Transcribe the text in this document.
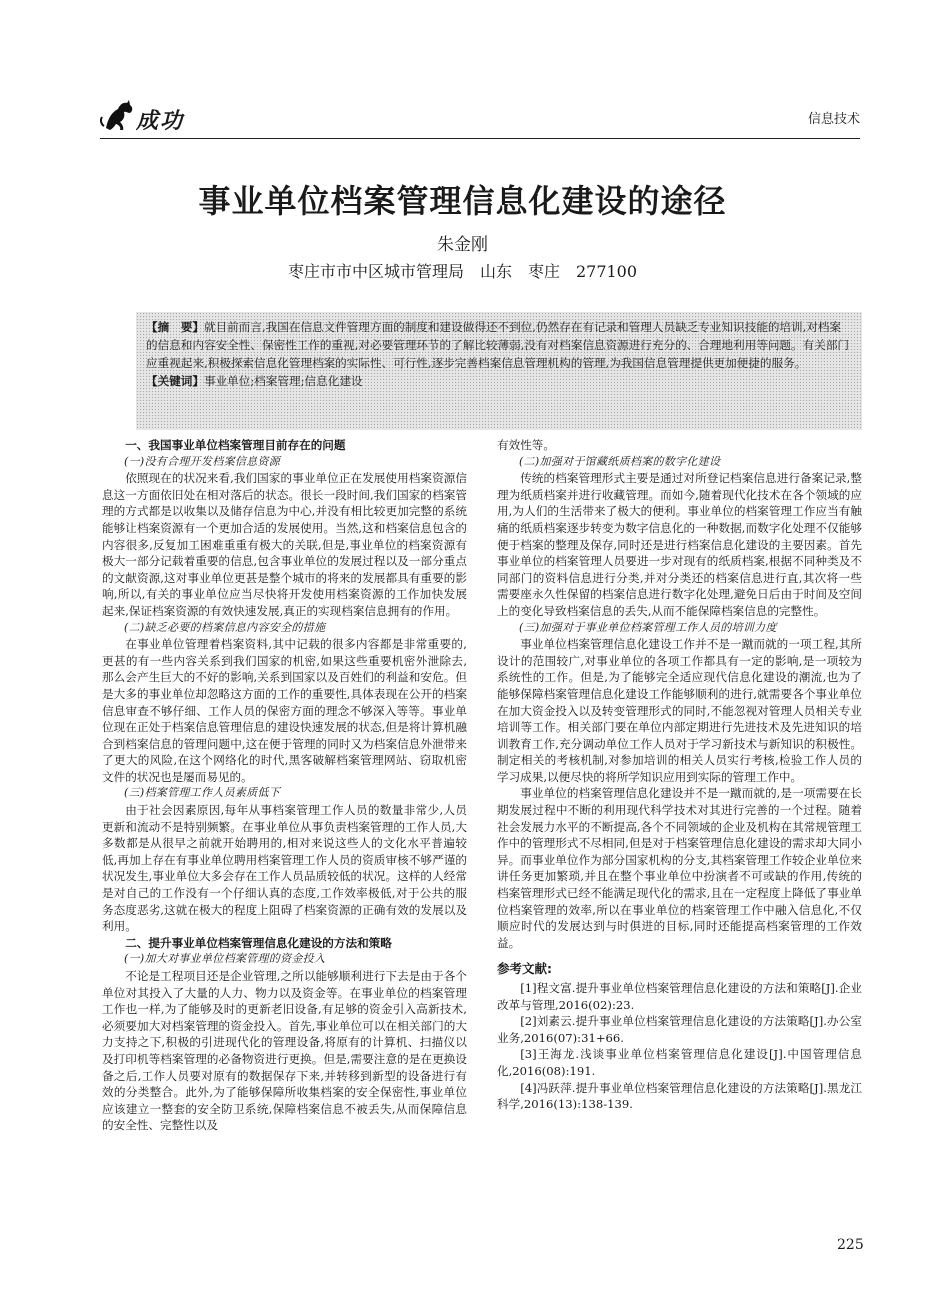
成功	信息技术
事业单位档案管理信息化建设的途径
朱金刚
枣庄市市中区城市管理局　山东　枣庄　277100
【摘　要】就目前而言,我国在信息文件管理方面的制度和建设做得还不到位,仍然存在有记录和管理人员缺乏专业知识技能的培训,对档案的信息和内容安全性、保密性工作的重视,对必要管理环节的了解比较薄弱,没有对档案信息资源进行充分的、合理地利用等问题。有关部门应重视起来,积极探索信息化管理档案的实际性、可行性,逐步完善档案信息管理机构的管理,为我国信息管理提供更加便捷的服务。
【关键词】事业单位;档案管理;信息化建设
一、我国事业单位档案管理目前存在的问题
(一)没有合理开发档案信息资源

依照现在的状况来看,我们国家的事业单位正在发展使用档案资源信息这一方面依旧处在相对落后的状态。很长一段时间,我们国家的档案管理的方式都是以收集以及储存信息为中心,并没有相比较更加完整的系统能够让档案资源有一个更加合适的发展使用。当然,这和档案信息包含的内容很多,反复加工困难重重有极大的关联,但是,事业单位的档案资源有极大一部分记载着重要的信息,包含事业单位的发展过程以及一部分重点的文献资源,这对事业单位更甚是整个城市的将来的发展都具有重要的影响,所以,有关的事业单位应当尽快将开发使用档案资源的工作加快发展起来,保证档案资源的有效快速发展,真正的实现档案信息拥有的作用。

(二)缺乏必要的档案信息内容安全的措施

在事业单位管理着档案资料,其中记载的很多内容都是非常重要的,更甚的有一些内容关系到我们国家的机密,如果这些重要机密外泄除去,那么会产生巨大的不好的影响,关系到国家以及百姓们的利益和安危。但是大多的事业单位却忽略这方面的工作的重要性,具体表现在公开的档案信息审查不够仔细、工作人员的保密方面的理念不够深入等等。事业单位现在正处于档案信息管理信息的建设快速发展的状态,但是将计算机融合到档案信息的管理问题中,这在便于管理的同时又为档案信息外泄带来了更大的风险,在这个网络化的时代,黑客破解档案管理网站、窃取机密文件的状况也是屡而易见的。

(三)档案管理工作人员素质低下

由于社会因素原因,每年从事档案管理工作人员的数量非常少,人员更新和流动不是特别频繁。在事业单位从事负责档案管理的工作人员,大多数都是从很早之前就开始聘用的,相对来说这些人的文化水平普遍较低,再加上存在有事业单位聘用档案管理工作人员的资质审核不够严谨的状况发生,事业单位大多会存在工作人员品质较低的状况。这样的人经常是对自己的工作没有一个仔细认真的态度,工作效率极低,对于公共的服务态度恶劣,这就在极大的程度上阻碍了档案资源的正确有效的发展以及利用。

二、提升事业单位档案管理信息化建设的方法和策略
(一)加大对事业单位档案管理的资金投入

不论是工程项目还是企业管理,之所以能够顺利进行下去是由于各个单位对其投入了大量的人力、物力以及资金等。在事业单位的档案管理工作也一样,为了能够及时的更新老旧设备,有足够的资金引入高新技术,必须要加大对档案管理的资金投入。首先,事业单位可以在相关部门的大力支持之下,积极的引进现代化的管理设备,将原有的计算机、扫描仪以及打印机等档案管理的必备物资进行更换。但是,需要注意的是在更换设备之后,工作人员要对原有的数据保存下来,并转移到新型的设备进行有效的分类整合。此外,为了能够保障所收集档案的安全保密性,事业单位应该建立一整套的安全防卫系统,保障档案信息不被丢失,从而保障信息的安全性、完整性以及

有效性等。

(二)加强对于馆藏纸质档案的数字化建设

传统的档案管理形式主要是通过对所登记档案信息进行备案记录,整理为纸质档案并进行收藏管理。而如今,随着现代化技术在各个领域的应用,为人们的生活带来了极大的便利。事业单位的档案管理工作应当有触痛的纸质档案逐步转变为数字信息化的一种数据,而数字化处理不仅能够便于档案的整理及保存,同时还是进行档案信息化建设的主要因素。首先事业单位的档案管理人员要进一步对现有的纸质档案,根据不同种类及不同部门的资料信息进行分类,并对分类还的档案信息进行直,其次将一些需要座永久性保留的档案信息进行数字化处理,避免日后由于时间及空间上的变化导致档案信息的丢失,从而不能保障档案信息的完整性。

(三)加强对于事业单位档案管理工作人员的培训力度

事业单位档案管理信息化建设工作并不是一蹴而就的一项工程,其所设计的范围较广,对事业单位的各项工作都具有一定的影响,是一项较为系统性的工作。但是,为了能够完全适应现代信息化建设的潮流,也为了能够保障档案管理信息化建设工作能够顺利的进行,就需要各个事业单位在加大资金投入以及转变管理形式的同时,不能忽视对管理人员相关专业培训等工作。相关部门要在单位内部定期进行先进技术及先进知识的培训教育工作,充分调动单位工作人员对于学习新技术与新知识的积极性。制定相关的考核机制,对参加培训的相关人员实行考核,检验工作人员的学习成果,以便尽快的将所学知识应用到实际的管理工作中。

事业单位的档案管理信息化建设并不是一蹴而就的,是一项需要在长期发展过程中不断的利用现代科学技术对其进行完善的一个过程。随着社会发展力水平的不断提高,各个不同领域的企业及机构在其常规管理工作中的管理形式不尽相同,但是对于档案管理信息化建设的需求却大同小异。而事业单位作为部分国家机构的分支,其档案管理工作较企业单位来讲任务更加繁琐,并且在整个事业单位中扮演者不可或缺的作用,传统的档案管理形式已经不能满足现代化的需求,且在一定程度上降低了事业单位档案管理的效率,所以在事业单位的档案管理工作中融入信息化,不仅顺应时代的发展达到与时俱进的目标,同时还能提高档案管理的工作效益。

参考文献:
[1]程文富.提升事业单位档案管理信息化建设的方法和策略[J].企业改革与管理,2016(02):23.
[2]刘素云.提升事业单位档案管理信息化建设的方法策略[J].办公室业务,2016(07):31+66.
[3]王海龙.浅谈事业单位档案管理信息化建设[J].中国管理信息化,2016(08):191.
[4]冯跃萍.提升事业单位档案管理信息化建设的方法策略[J].黑龙江科学,2016(13):138-139.
225
